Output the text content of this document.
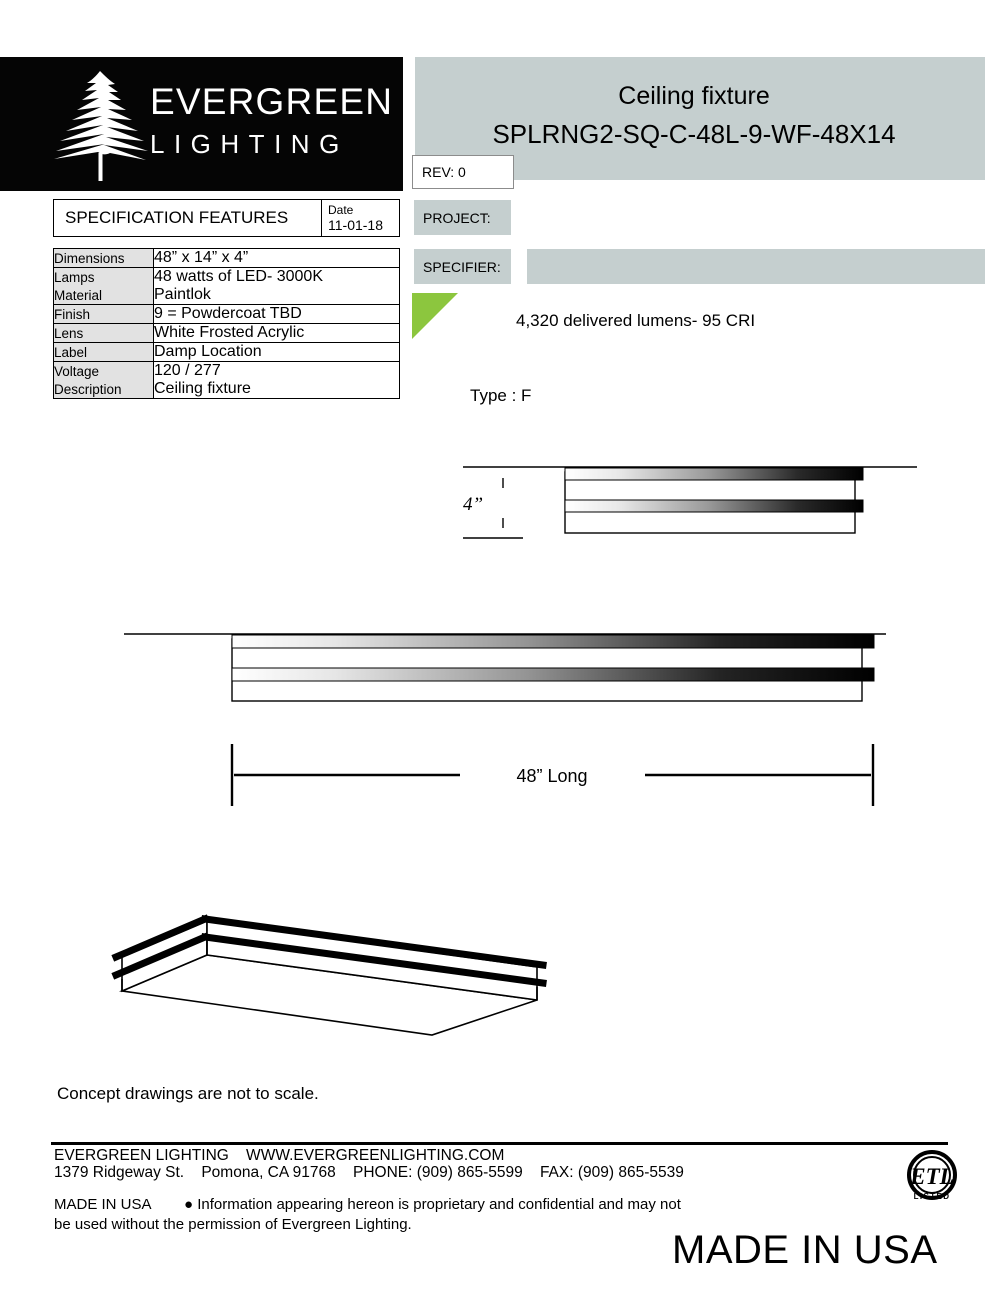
EVERGREEN
LIGHTING
Ceiling fixture
SPLRNG2-SQ-C-48L-9-WF-48X14
REV: 0
PROJECT:
SPECIFIER:
4,320 delivered lumens- 95 CRI
Type : F
SPECIFICATION FEATURES	Date
11-01-18
Dimensions	48” x 14” x 4”
Lamps	48 watts of LED- 3000K
Material	Paintlok
Finish	9 = Powdercoat TBD
Lens	White Frosted Acrylic
Label	Damp Location
Voltage	120 / 277
Description	Ceiling fixture
4”
48” Long
Concept drawings are not to scale.
EVERGREEN LIGHTING    WWW.EVERGREENLIGHTING.COM
1379 Ridgeway St.    Pomona, CA 91768    PHONE: (909) 865-5599    FAX: (909) 865-5539
MADE IN USA        ● Information appearing hereon is proprietary and confidential and may not
be used without the permission of Evergreen Lighting.
ETL
LISTED
MADE IN USA
